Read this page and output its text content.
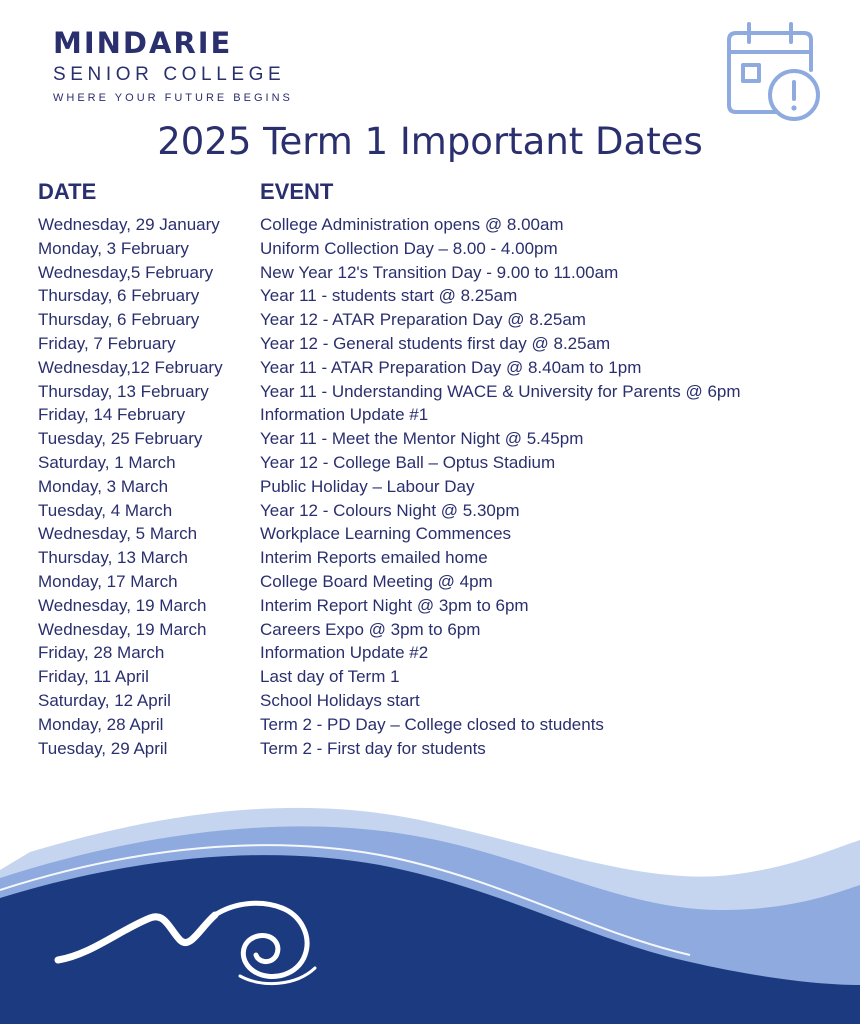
MINDARIE
SENIOR COLLEGE
WHERE YOUR FUTURE BEGINS
2025 Term 1 Important Dates
DATE	EVENT
Wednesday, 29 January	College Administration opens @ 8.00am
Monday, 3 February	Uniform Collection Day – 8.00 - 4.00pm
Wednesday,5 February	New Year 12's Transition Day - 9.00 to 11.00am
Thursday, 6 February	Year 11 - students start @ 8.25am
Thursday, 6 February	Year 12 - ATAR Preparation Day @ 8.25am
Friday, 7 February	Year 12 - General students first day @ 8.25am
Wednesday,12 February	Year 11 - ATAR Preparation Day @ 8.40am to 1pm
Thursday, 13 February	Year 11 - Understanding WACE & University for Parents @ 6pm
Friday, 14 February	Information Update #1
Tuesday, 25 February	Year 11 - Meet the Mentor Night @ 5.45pm
Saturday, 1 March	Year 12 - College Ball – Optus Stadium
Monday, 3 March	Public Holiday – Labour Day
Tuesday, 4 March	Year 12 - Colours Night @ 5.30pm
Wednesday, 5 March	Workplace Learning Commences
Thursday, 13 March	Interim Reports emailed home
Monday, 17 March	College Board Meeting @ 4pm
Wednesday, 19 March	Interim Report Night @ 3pm to 6pm
Wednesday, 19 March	Careers Expo @ 3pm to 6pm
Friday, 28 March	Information Update #2
Friday, 11 April	Last day of Term 1
Saturday, 12 April	School Holidays start
Monday, 28 April	Term 2 - PD Day – College closed to students
Tuesday, 29 April	Term 2 - First day for students
